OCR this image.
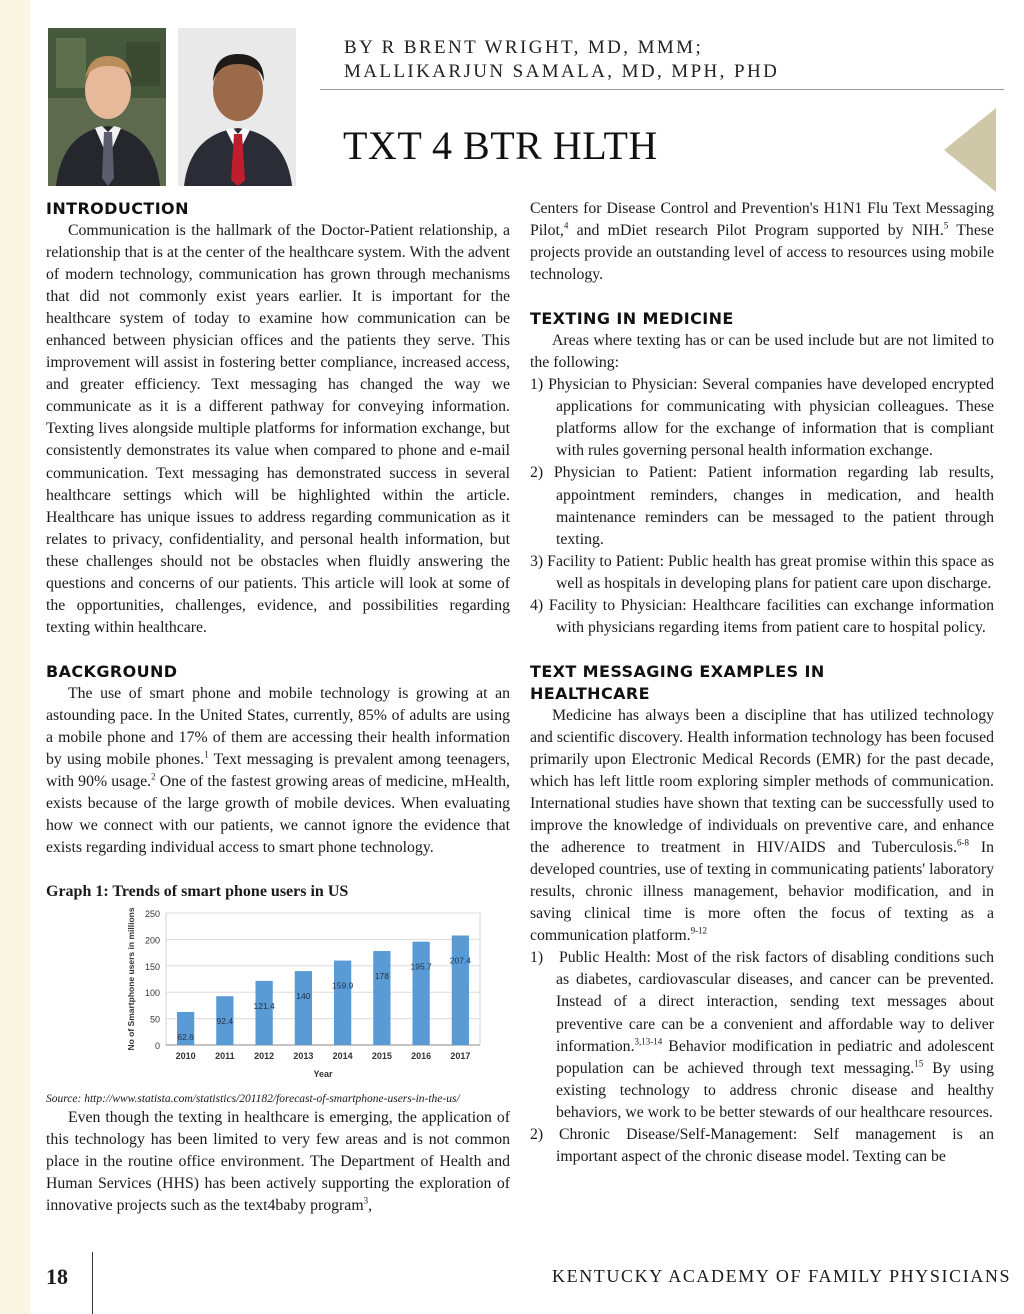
BY R BRENT WRIGHT, MD, MMM;
MALLIKARJUN SAMALA, MD, MPH, PHD
TXT 4 BTR HLTH
INTRODUCTION

Communication is the hallmark of the Doctor-Patient relationship, a relationship that is at the center of the healthcare system. With the advent of modern technology, communication has grown through mechanisms that did not commonly exist years earlier. It is important for the healthcare system of today to examine how communication can be enhanced between physician offices and the patients they serve. This improvement will assist in fostering better compliance, increased access, and greater efficiency. Text messaging has changed the way we communicate as it is a different pathway for conveying information. Texting lives alongside multiple platforms for information exchange, but consistently demonstrates its value when compared to phone and e-mail communication. Text messaging has demonstrated success in several healthcare settings which will be highlighted within the article. Healthcare has unique issues to address regarding communication as it relates to privacy, confidentiality, and personal health information, but these challenges should not be obstacles when fluidly answering the questions and concerns of our patients. This article will look at some of the opportunities, challenges, evidence, and possibilities regarding texting within healthcare.

BACKGROUND

The use of smart phone and mobile technology is growing at an astounding pace. In the United States, currently, 85% of adults are using a mobile phone and 17% of them are accessing their health information by using mobile phones.$^1$ Text messaging is prevalent among teenagers, with 90% usage.$^2$ One of the fastest growing areas of medicine, mHealth, exists because of the large growth of mobile devices. When evaluating how we connect with our patients, we cannot ignore the evidence that exists regarding individual access to smart phone technology.

Graph 1: Trends of smart phone users in US
0
50
100
150
200
250
62.6
2010
92.4
2011
121.4
2012
140
2013
159.9
2014
178
2015
195.7
2016
207.4
2017
Year
No of Smartphone users in millions
Source: http://www.statista.com/statistics/201182/forecast-of-smartphone-users-in-the-us/

Even though the texting in healthcare is emerging, the application of this technology has been limited to very few areas and is not common place in the routine office environment. The Department of Health and Human Services (HHS) has been actively supporting the exploration of innovative projects such as the text4baby program$^3$,

Centers for Disease Control and Prevention's H1N1 Flu Text Messaging Pilot,$^4$ and mDiet research Pilot Program supported by NIH.$^5$ These projects provide an outstanding level of access to resources using mobile technology.

TEXTING IN MEDICINE

Areas where texting has or can be used include but are not limited to the following:

1) Physician to Physician: Several companies have developed encrypted applications for communicating with physician colleagues. These platforms allow for the exchange of information that is compliant with rules governing personal health information exchange.

2) Physician to Patient: Patient information regarding lab results, appointment reminders, changes in medication, and health maintenance reminders can be messaged to the patient through texting.

3) Facility to Patient: Public health has great promise within this space as well as hospitals in developing plans for patient care upon discharge.

4) Facility to Physician: Healthcare facilities can exchange information with physicians regarding items from patient care to hospital policy.

TEXT MESSAGING EXAMPLES IN
HEALTHCARE

Medicine has always been a discipline that has utilized technology and scientific discovery. Health information technology has been focused primarily upon Electronic Medical Records (EMR) for the past decade, which has left little room exploring simpler methods of communication. International studies have shown that texting can be successfully used to improve the knowledge of individuals on preventive care, and enhance the adherence to treatment in HIV/AIDS and Tuberculosis.$^{6-8}$ In developed countries, use of texting in communicating patients' laboratory results, chronic illness management, behavior modification, and in saving clinical time is more often the focus of texting as a communication platform.$^{9-12}$

1) Public Health: Most of the risk factors of disabling conditions such as diabetes, cardiovascular diseases, and cancer can be prevented. Instead of a direct interaction, sending text messages about preventive care can be a convenient and affordable way to deliver information.$^{3,13-14}$ Behavior modification in pediatric and adolescent population can be achieved through text messaging.$^{15}$ By using existing technology to address chronic disease and healthy behaviors, we work to be better stewards of our healthcare resources.

2) Chronic Disease/Self-Management: Self management is an important aspect of the chronic disease model. Texting can be

18	KENTUCKY ACADEMY OF FAMILY PHYSICIANS
